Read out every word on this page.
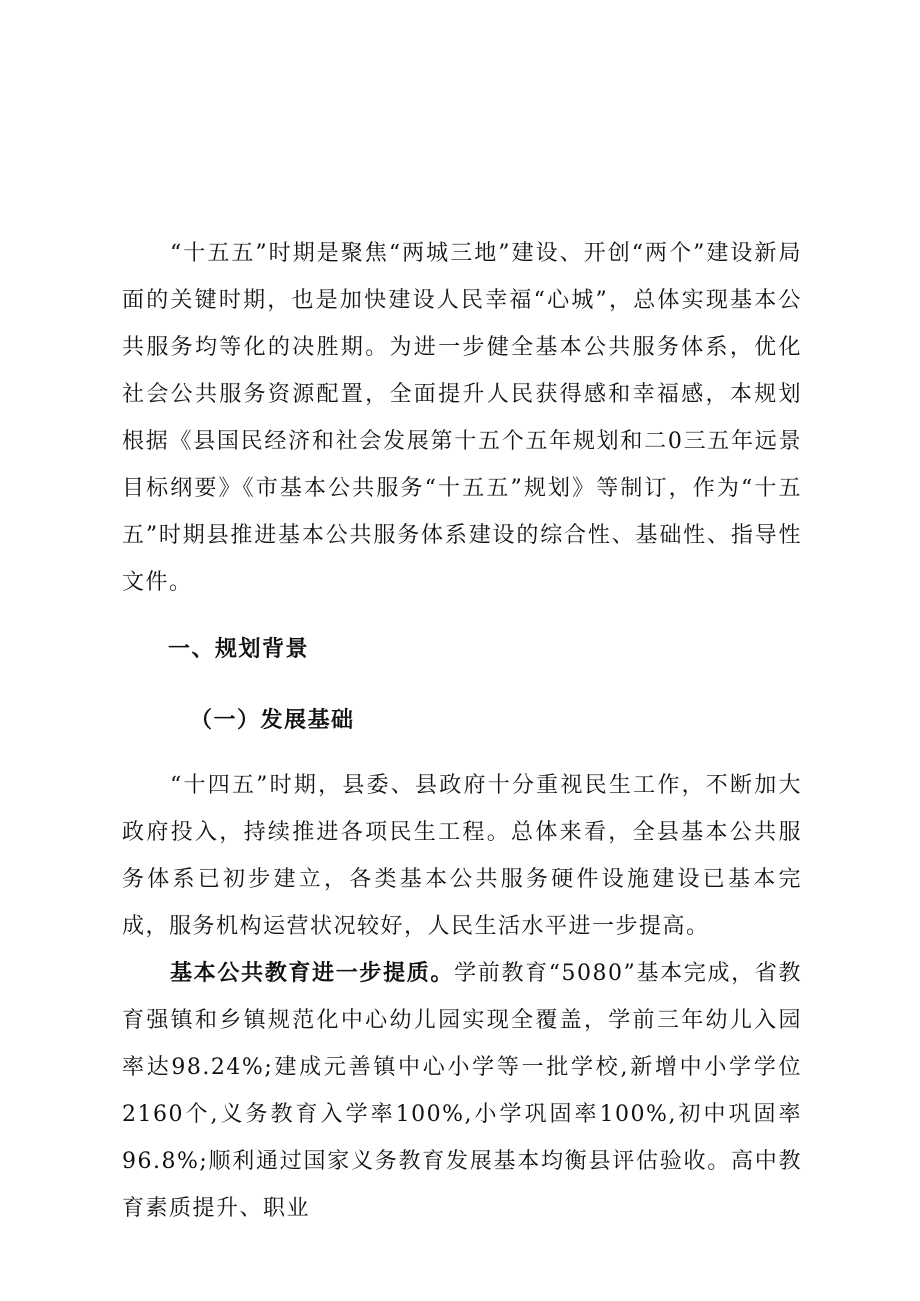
“十五五”时期是聚焦“两城三地”建设、开创“两个”建设新局面的关键时期，也是加快建设人民幸福“心城”，总体实现基本公共服务均等化的决胜期。为进一步健全基本公共服务体系，优化社会公共服务资源配置，全面提升人民获得感和幸福感，本规划根据《县国民经济和社会发展第十五个五年规划和二0三五年远景目标纲要》《市基本公共服务“十五五”规划》等制订，作为“十五五”时期县推进基本公共服务体系建设的综合性、基础性、指导性文件。

一、规划背景
（一）发展基础

“十四五”时期，县委、县政府十分重视民生工作，不断加大政府投入，持续推进各项民生工程。总体来看，全县基本公共服务体系已初步建立，各类基本公共服务硬件设施建设已基本完成，服务机构运营状况较好，人民生活水平进一步提高。

基本公共教育进一步提质。学前教育“5080”基本完成，省教育强镇和乡镇规范化中心幼儿园实现全覆盖，学前三年幼儿入园率达98.24%;建成元善镇中心小学等一批学校,新增中小学学位2160个,义务教育入学率100%,小学巩固率100%,初中巩固率96.8%;顺利通过国家义务教育发展基本均衡县评估验收。高中教育素质提升、职业
